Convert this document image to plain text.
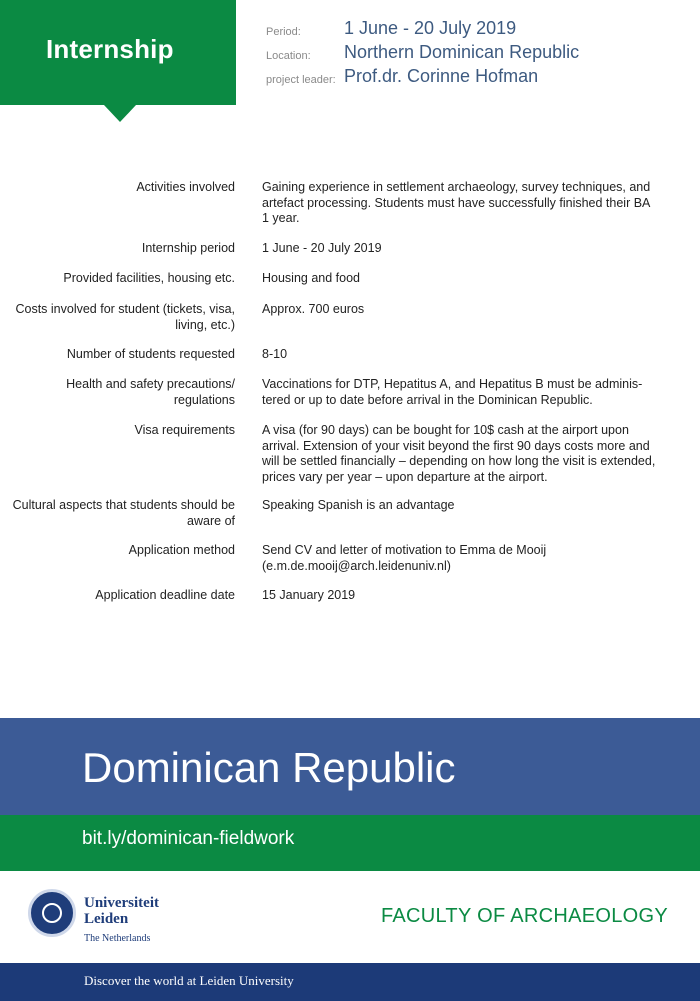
Internship
Period: 1 June - 20 July 2019
Location: Northern Dominican Republic
project leader: Prof.dr. Corinne Hofman
Activities involved Gaining experience in settlement archaeology, survey techniques, and artefact processing. Students must have successfully finished their BA 1 year.
Internship period 1 June - 20 July 2019
Provided facilities, housing etc. Housing and food
Costs involved for student (tickets, visa, living, etc.)
Approx. 700 euros
Number of students requested 8-10
Health and safety precautions/ regulations
Vaccinations for DTP, Hepatitus A, and Hepatitus B must be adminis-tered or up to date before arrival in the Dominican Republic.
Visa requirements A visa (for 90 days) can be bought for 10$ cash at the airport upon arrival. Extension of your visit beyond the first 90 days costs more and will be settled financially – depending on how long the visit is extended, prices vary per year – upon departure at the airport.
Cultural aspects that students should be aware of
Speaking Spanish is an advantage
Application method Send CV and letter of motivation to Emma de Mooij (e.m.de.mooij@arch.leidenuniv.nl)
Application deadline date 15 January 2019
Dominican Republic
bit.ly/dominican-fieldwork
Universiteit
Leiden
The Netherlands
FACULTY OF ARCHAEOLOGY
Discover the world at Leiden University
